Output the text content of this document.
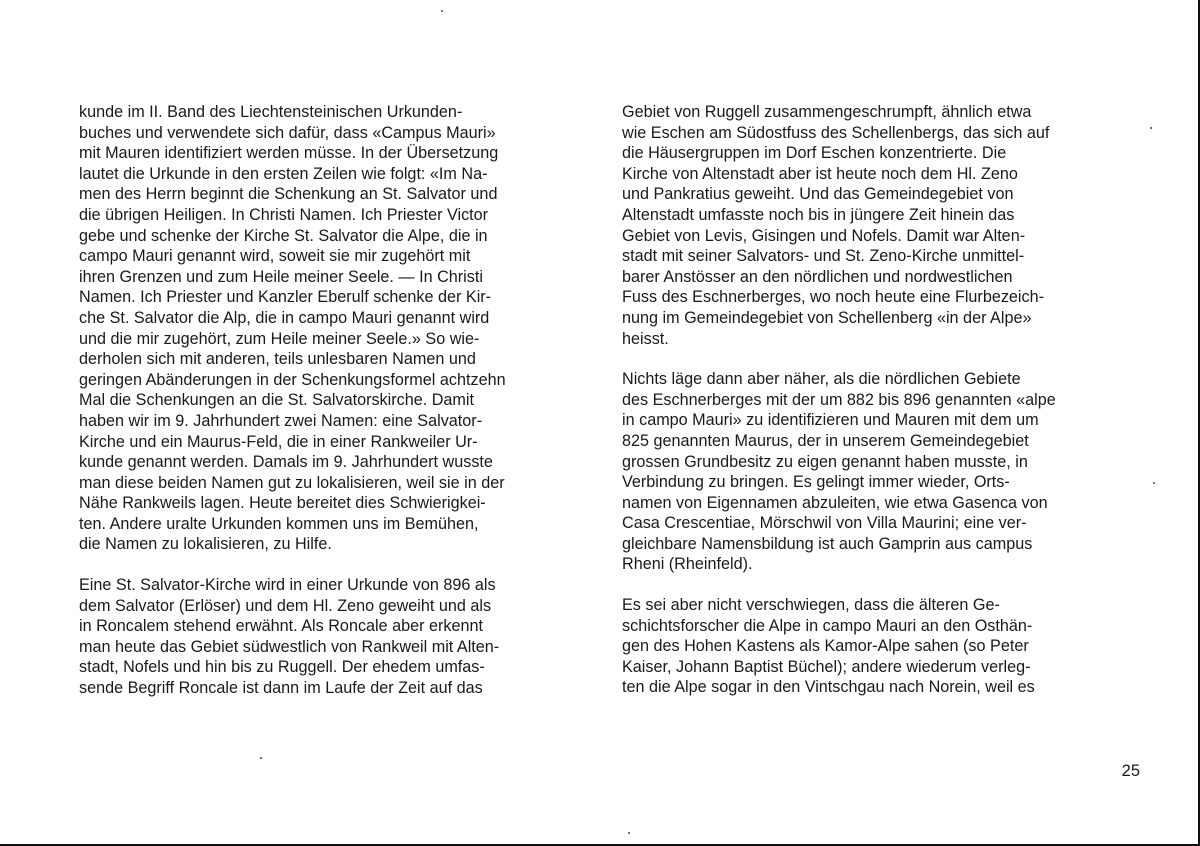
kunde im II. Band des Liechtensteinischen Urkunden-
buches und verwendete sich dafür, dass «Campus Mauri»
mit Mauren identifiziert werden müsse. In der Übersetzung
lautet die Urkunde in den ersten Zeilen wie folgt: «Im Na-
men des Herrn beginnt die Schenkung an St. Salvator und
die übrigen Heiligen. In Christi Namen. Ich Priester Victor
gebe und schenke der Kirche St. Salvator die Alpe, die in
campo Mauri genannt wird, soweit sie mir zugehört mit
ihren Grenzen und zum Heile meiner Seele. — In Christi
Namen. Ich Priester und Kanzler Eberulf schenke der Kir-
che St. Salvator die Alp, die in campo Mauri genannt wird
und die mir zugehört, zum Heile meiner Seele.» So wie-
derholen sich mit anderen, teils unlesbaren Namen und
geringen Abänderungen in der Schenkungsformel achtzehn
Mal die Schenkungen an die St. Salvatorskirche. Damit
haben wir im 9. Jahrhundert zwei Namen: eine Salvator-
Kirche und ein Maurus-Feld, die in einer Rankweiler Ur-
kunde genannt werden. Damals im 9. Jahrhundert wusste
man diese beiden Namen gut zu lokalisieren, weil sie in der
Nähe Rankweils lagen. Heute bereitet dies Schwierigkei-
ten. Andere uralte Urkunden kommen uns im Bemühen,
die Namen zu lokalisieren, zu Hilfe.

Eine St. Salvator-Kirche wird in einer Urkunde von 896 als
dem Salvator (Erlöser) und dem Hl. Zeno geweiht und als
in Roncalem stehend erwähnt. Als Roncale aber erkennt
man heute das Gebiet südwestlich von Rankweil mit Alten-
stadt, Nofels und hin bis zu Ruggell. Der ehedem umfas-
sende Begriff Roncale ist dann im Laufe der Zeit auf das

Gebiet von Ruggell zusammengeschrumpft, ähnlich etwa
wie Eschen am Südostfuss des Schellenbergs, das sich auf
die Häusergruppen im Dorf Eschen konzentrierte. Die
Kirche von Altenstadt aber ist heute noch dem Hl. Zeno
und Pankratius geweiht. Und das Gemeindegebiet von
Altenstadt umfasste noch bis in jüngere Zeit hinein das
Gebiet von Levis, Gisingen und Nofels. Damit war Alten-
stadt mit seiner Salvators- und St. Zeno-Kirche unmittel-
barer Anstösser an den nördlichen und nordwestlichen
Fuss des Eschnerberges, wo noch heute eine Flurbezeich-
nung im Gemeindegebiet von Schellenberg «in der Alpe»
heisst.

Nichts läge dann aber näher, als die nördlichen Gebiete
des Eschnerberges mit der um 882 bis 896 genannten «alpe
in campo Mauri» zu identifizieren und Mauren mit dem um
825 genannten Maurus, der in unserem Gemeindegebiet
grossen Grundbesitz zu eigen genannt haben musste, in
Verbindung zu bringen. Es gelingt immer wieder, Orts-
namen von Eigennamen abzuleiten, wie etwa Gasenca von
Casa Crescentiae, Mörschwil von Villa Maurini; eine ver-
gleichbare Namensbildung ist auch Gamprin aus campus
Rheni (Rheinfeld).

Es sei aber nicht verschwiegen, dass die älteren Ge-
schichtsforscher die Alpe in campo Mauri an den Osthän-
gen des Hohen Kastens als Kamor-Alpe sahen (so Peter
Kaiser, Johann Baptist Büchel); andere wiederum verleg-
ten die Alpe sogar in den Vintschgau nach Norein, weil es

25
